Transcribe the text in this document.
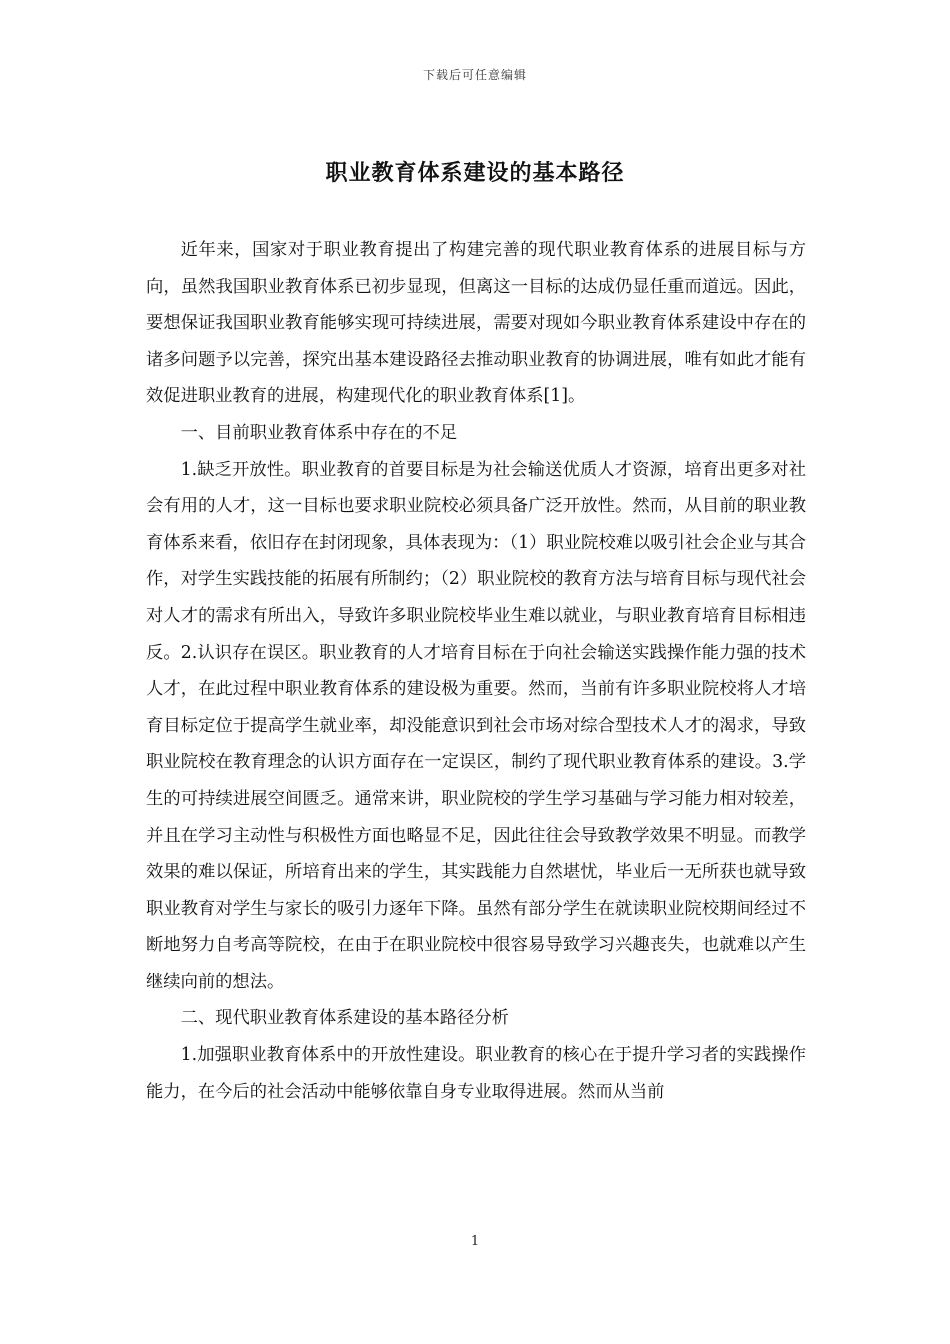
下载后可任意编辑
职业教育体系建设的基本路径

近年来，国家对于职业教育提出了构建完善的现代职业教育体系的进展目标与方向，虽然我国职业教育体系已初步显现，但离这一目标的达成仍显任重而道远。因此，要想保证我国职业教育能够实现可持续进展，需要对现如今职业教育体系建设中存在的诸多问题予以完善，探究出基本建设路径去推动职业教育的协调进展，唯有如此才能有效促进职业教育的进展，构建现代化的职业教育体系[1]。

一、目前职业教育体系中存在的不足

1.缺乏开放性。职业教育的首要目标是为社会输送优质人才资源，培育出更多对社会有用的人才，这一目标也要求职业院校必须具备广泛开放性。然而，从目前的职业教育体系来看，依旧存在封闭现象，具体表现为：（1）职业院校难以吸引社会企业与其合作，对学生实践技能的拓展有所制约；（2）职业院校的教育方法与培育目标与现代社会对人才的需求有所出入，导致许多职业院校毕业生难以就业，与职业教育培育目标相违反。2.认识存在误区。职业教育的人才培育目标在于向社会输送实践操作能力强的技术人才，在此过程中职业教育体系的建设极为重要。然而，当前有许多职业院校将人才培育目标定位于提高学生就业率，却没能意识到社会市场对综合型技术人才的渴求，导致职业院校在教育理念的认识方面存在一定误区，制约了现代职业教育体系的建设。3.学生的可持续进展空间匮乏。通常来讲，职业院校的学生学习基础与学习能力相对较差，并且在学习主动性与积极性方面也略显不足，因此往往会导致教学效果不明显。而教学效果的难以保证，所培育出来的学生，其实践能力自然堪忧，毕业后一无所获也就导致职业教育对学生与家长的吸引力逐年下降。虽然有部分学生在就读职业院校期间经过不断地努力自考高等院校，在由于在职业院校中很容易导致学习兴趣丧失，也就难以产生继续向前的想法。

二、现代职业教育体系建设的基本路径分析

1.加强职业教育体系中的开放性建设。职业教育的核心在于提升学习者的实践操作能力，在今后的社会活动中能够依靠自身专业取得进展。然而从当前

1
